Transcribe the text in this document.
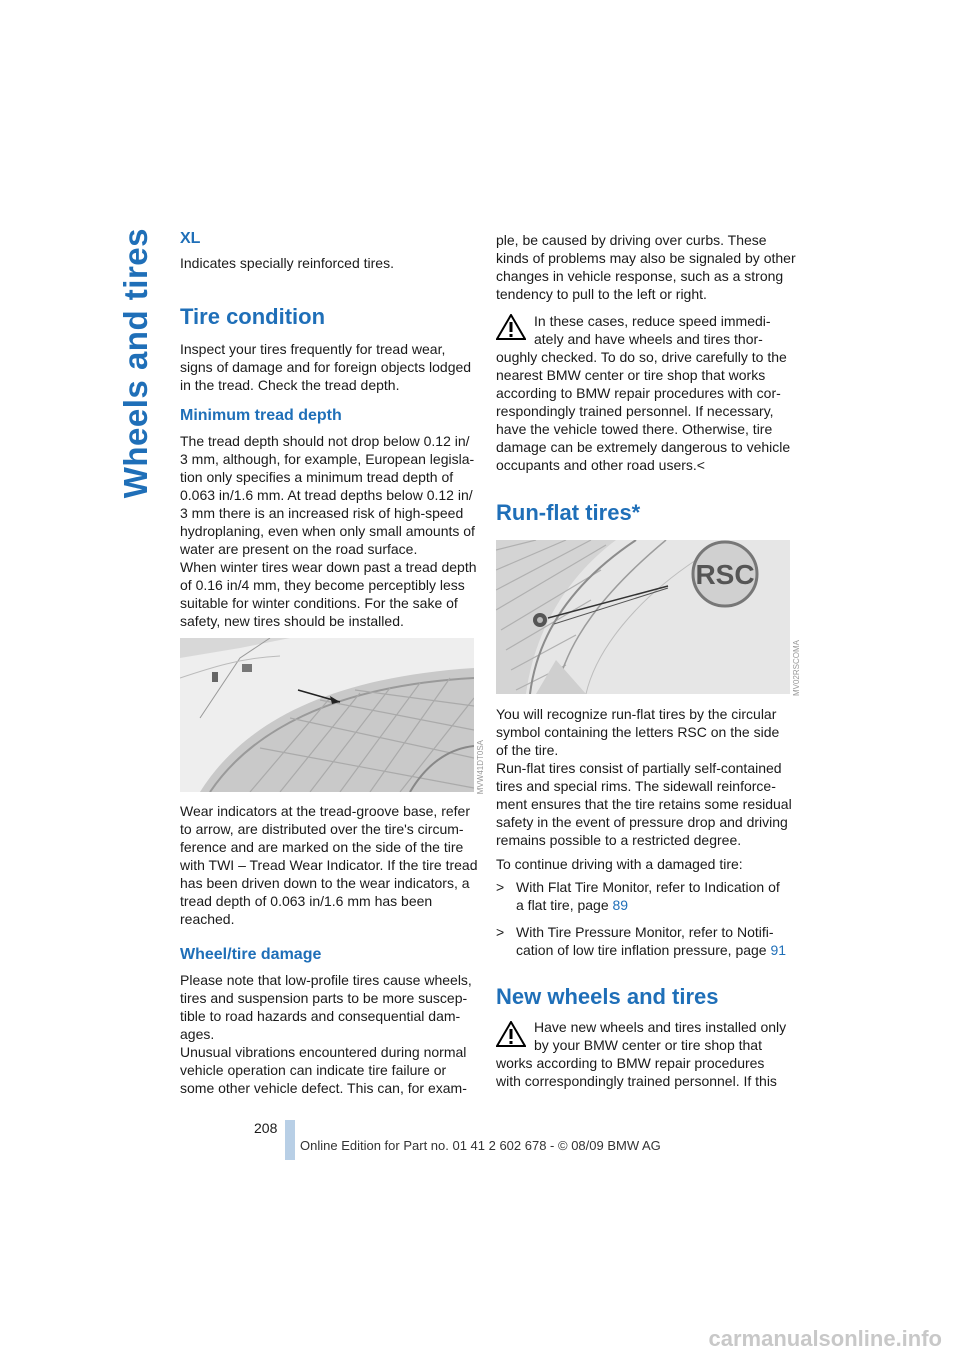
Wheels and tires XL

Indicates specially reinforced tires.

Tire condition

Inspect your tires frequently for tread wear,

signs of damage and for foreign objects lodged

in the tread. Check the tread depth.

Minimum tread depth

The tread depth should not drop below 0.12 in/

3 mm, although, for example, European legisla-

tion only specifies a minimum tread depth of

0.063 in/1.6 mm. At tread depths below 0.12 in/

3 mm there is an increased risk of high-speed

hydroplaning, even when only small amounts of

water are present on the road surface.

When winter tires wear down past a tread depth

of 0.16 in/4 mm, they become perceptibly less

suitable for winter conditions. For the sake of

safety, new tires should be installed.

MVW41DT0SA

Wear indicators at the tread-groove base, refer

to arrow, are distributed over the tire's circum-

ference and are marked on the side of the tire

with TWI – Tread Wear Indicator. If the tire tread

has been driven down to the wear indicators, a

tread depth of 0.063 in/1.6 mm has been

reached.

Wheel/tire damage

Please note that low-profile tires cause wheels,

tires and suspension parts to be more suscep-

tible to road hazards and consequential dam-

ages.

Unusual vibrations encountered during normal

vehicle operation can indicate tire failure or

some other vehicle defect. This can, for exam-

ple, be caused by driving over curbs. These

kinds of problems may also be signaled by other

changes in vehicle response, such as a strong

tendency to pull to the left or right.

In these cases, reduce speed immedi-

ately and have wheels and tires thor-

oughly checked. To do so, drive carefully to the

nearest BMW center or tire shop that works

according to BMW repair procedures with cor-

respondingly trained personnel. If necessary,

have the vehicle towed there. Otherwise, tire

damage can be extremely dangerous to vehicle

occupants and other road users.<

Run-flat tires*
RSC
MV02RSCOMA

You will recognize run-flat tires by the circular

symbol containing the letters RSC on the side

of the tire.

Run-flat tires consist of partially self-contained

tires and special rims. The sidewall reinforce-

ment ensures that the tire retains some residual

safety in the event of pressure drop and driving

remains possible to a restricted degree.

To continue driving with a damaged tire:

> With Flat Tire Monitor, refer to Indication of

a flat tire, page 89

> With Tire Pressure Monitor, refer to Notifi-

cation of low tire inflation pressure, page 91

New wheels and tires

Have new wheels and tires installed only

by your BMW center or tire shop that

works according to BMW repair procedures

with correspondingly trained personnel. If this

208
Online Edition for Part no. 01 41 2 602 678 - © 08/09 BMW AG
carmanualsonline.info
